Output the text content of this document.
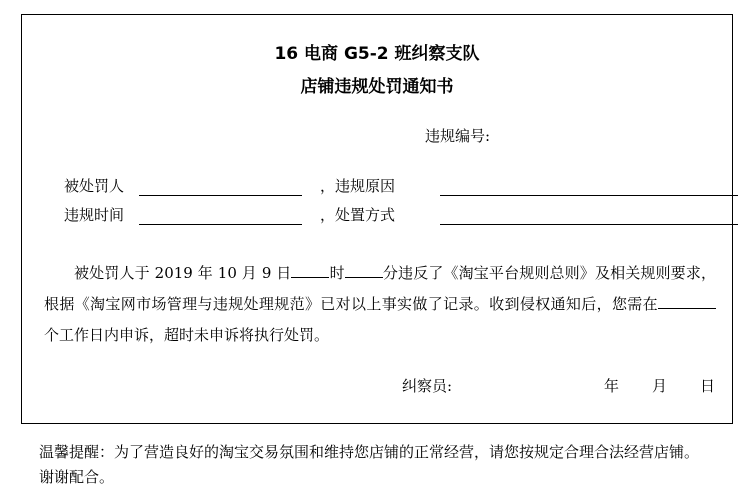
16 电商 G5-2 班纠察支队
店铺违规处罚通知书
违规编号:
被处罚人	，违规原因
违规时间	，处置方式
被处罚人于 2019 年 10 月 9 日	时	分违反了《淘宝平台规则总则》及相关规则要求，根据《淘宝网市场管理与违规处理规范》已对以上事实做了记录。收到侵权通知后，您需在个工作日内申诉，超时未申诉将执行处罚。
纠察员:	年 月 日
温馨提醒：为了营造良好的淘宝交易氛围和维持您店铺的正常经营，请您按规定合理合法经营店铺。谢谢配合。
